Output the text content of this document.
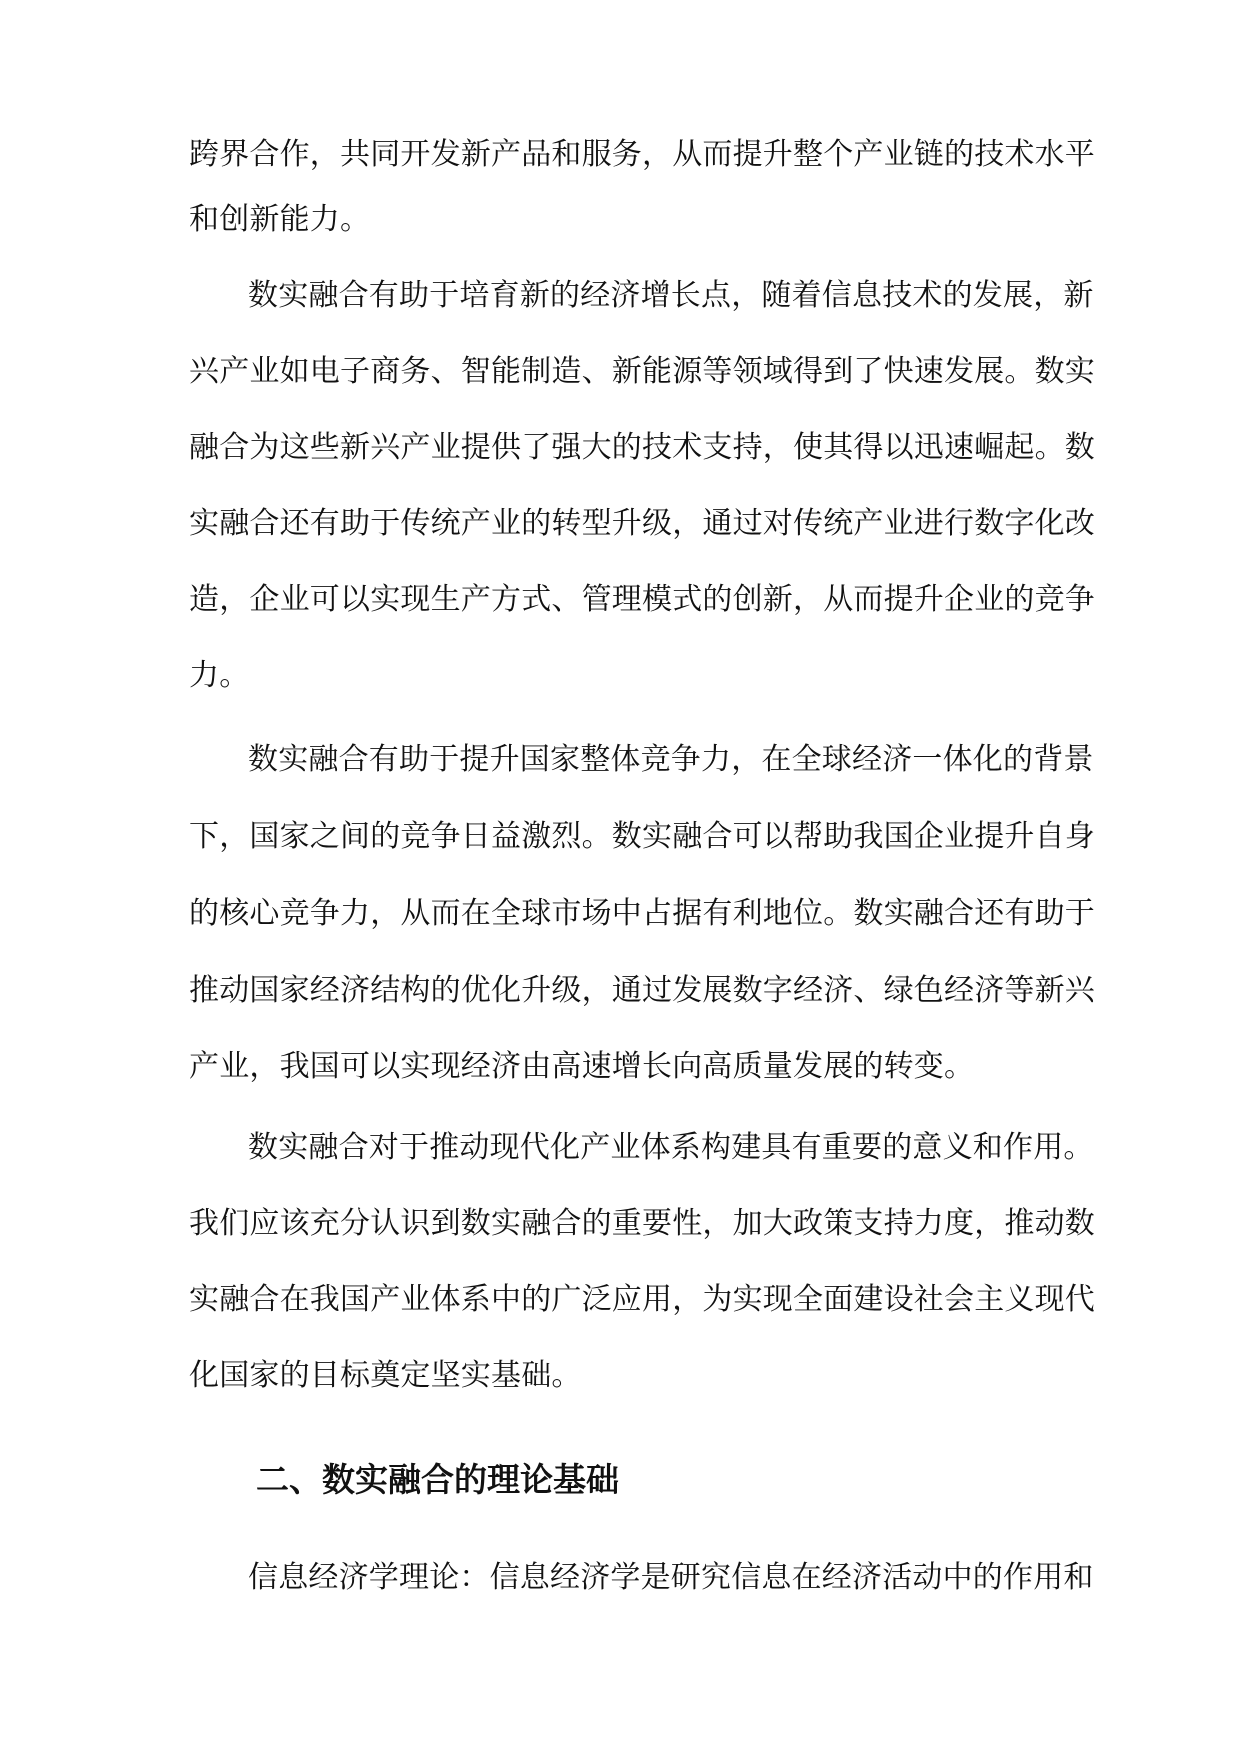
跨界合作，共同开发新产品和服务，从而提升整个产业链的技术水平
和创新能力。
数实融合有助于培育新的经济增长点，随着信息技术的发展，新
兴产业如电子商务、智能制造、新能源等领域得到了快速发展。数实
融合为这些新兴产业提供了强大的技术支持，使其得以迅速崛起。数
实融合还有助于传统产业的转型升级，通过对传统产业进行数字化改
造，企业可以实现生产方式、管理模式的创新，从而提升企业的竞争
力。
数实融合有助于提升国家整体竞争力，在全球经济一体化的背景
下，国家之间的竞争日益激烈。数实融合可以帮助我国企业提升自身
的核心竞争力，从而在全球市场中占据有利地位。数实融合还有助于
推动国家经济结构的优化升级，通过发展数字经济、绿色经济等新兴
产业，我国可以实现经济由高速增长向高质量发展的转变。
数实融合对于推动现代化产业体系构建具有重要的意义和作用。
我们应该充分认识到数实融合的重要性，加大政策支持力度，推动数
实融合在我国产业体系中的广泛应用，为实现全面建设社会主义现代
化国家的目标奠定坚实基础。
二、数实融合的理论基础
信息经济学理论：信息经济学是研究信息在经济活动中的作用和
